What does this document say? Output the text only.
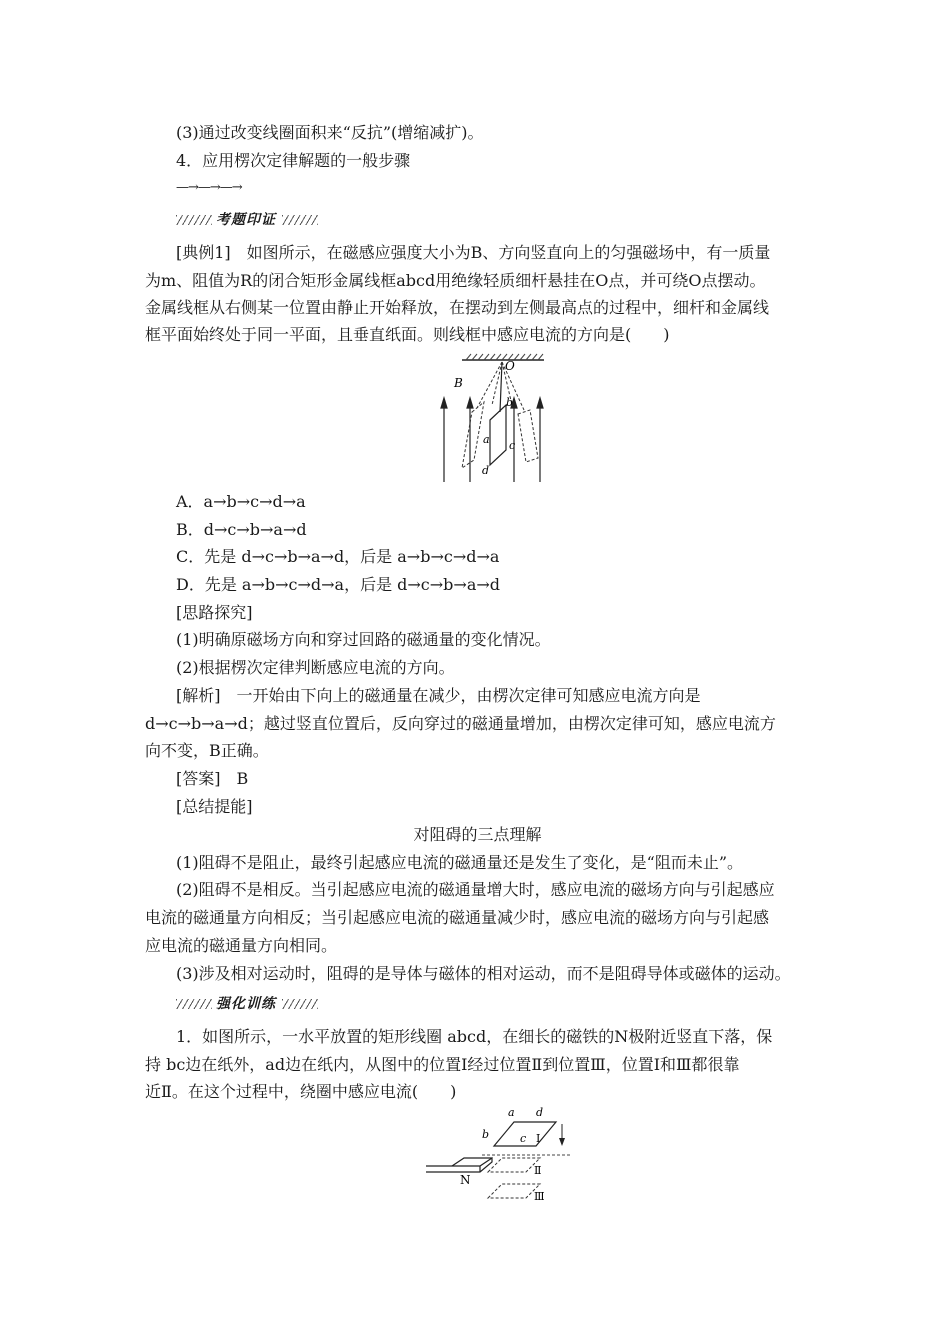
(3)通过改变线圈面积来“反抗”(增缩减扩)。
4．应用楞次定律解题的一般步骤
—→—→—→
考题印证
[典例1]　如图所示，在磁感应强度大小为B、方向竖直向上的匀强磁场中，有一质量
为m、阻值为R的闭合矩形金属线框abcd用绝缘轻质细杆悬挂在O点，并可绕O点摆动。
金属线框从右侧某一位置由静止开始释放，在摆动到左侧最高点的过程中，细杆和金属线
框平面始终处于同一平面，且垂直纸面。则线框中感应电流的方向是(　　)
B
O
a
b
c
d
A．a→b→c→d→a
B．d→c→b→a→d
C．先是 d→c→b→a→d，后是 a→b→c→d→a
D．先是 a→b→c→d→a，后是 d→c→b→a→d
[思路探究]
(1)明确原磁场方向和穿过回路的磁通量的变化情况。
(2)根据楞次定律判断感应电流的方向。
[解析]　一开始由下向上的磁通量在减少，由楞次定律可知感应电流方向是
d→c→b→a→d；越过竖直位置后，反向穿过的磁通量增加，由楞次定律可知，感应电流方
向不变，B正确。
[答案]　B
[总结提能]
对阻碍的三点理解
(1)阻碍不是阻止，最终引起感应电流的磁通量还是发生了变化，是“阻而未止”。
(2)阻碍不是相反。当引起感应电流的磁通量增大时，感应电流的磁场方向与引起感应
电流的磁通量方向相反；当引起感应电流的磁通量减少时，感应电流的磁场方向与引起感
应电流的磁通量方向相同。
(3)涉及相对运动时，阻碍的是导体与磁体的相对运动，而不是阻碍导体或磁体的运动。
强化训练
1．如图所示，一水平放置的矩形线圈 abcd，在细长的磁铁的N极附近竖直下落，保
持 bc边在纸外，ad边在纸内，从图中的位置Ⅰ经过位置Ⅱ到位置Ⅲ，位置Ⅰ和Ⅲ都很靠
近Ⅱ。在这个过程中，绕圈中感应电流(　　)
a d
b	c
N
Ⅰ
Ⅱ
Ⅲ
